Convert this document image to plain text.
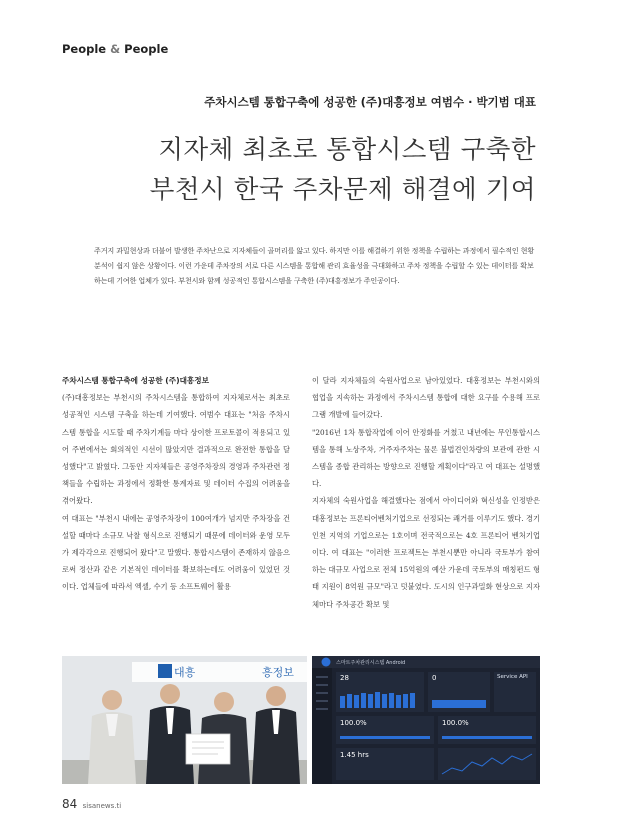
People & People
주차시스템 통합구축에 성공한 (주)대흥정보 여범수 · 박기범 대표
지자체 최초로 통합시스템 구축한
부천시 한국 주차문제 해결에 기여
주거지 과밀현상과 더불어 발생한 주차난으로 지자체들이 골머리를 앓고 있다. 하지만 이를 해결하기 위한 정책을 수립하는 과정에서 필수적인 현황분석이 쉽지 않은 상황이다. 이런 가운데 주차장의 서로 다른 시스템을 통합해 관리 효율성을 극대화하고 주차 정책을 수립할 수 있는 데이터를 확보하는데 기여한 업체가 있다. 부천시와 함께 성공적인 통합시스템을 구축한 (주)대흥정보가 주인공이다.
주차시스템 통합구축에 성공한 (주)대흥정보

(주)대흥정보는 부천시의 주차시스템을 통합하여 지자체로서는 최초로 성공적인 시스템 구축을 하는데 기여했다. 여범수 대표는 "처음 주차시스템 통합을 시도할 때 주차기계들 마다 상이한 프로토콜이 적용되고 있어 주변에서는 회의적인 시선이 많았지만 결과적으로 완전한 통합을 달성했다"고 밝혔다. 그동안 지자체들은 공영주차장의 경영과 주차관련 정책들을 수립하는 과정에서 정확한 통계자료 및 데이터 수집의 어려움을 겪어왔다.

여 대표는 "부천시 내에는 공영주차장이 100여개가 넘지만 주차장을 건설할 때마다 소규모 낙찰 형식으로 진행되기 때문에 데이터와 운영 모두가 제각각으로 진행되어 왔다"고 말했다. 통합시스템이 존재하지 않음으로써 정산과 같은 기본적인 데이터를 확보하는데도 어려움이 있었던 것이다. 업체들에 따라서 엑셀, 수기 등 소프트웨어 활용

이 달라 지자체들의 숙원사업으로 남아있었다. 대흥정보는 부천시와의 협업을 지속하는 과정에서 주차시스템 통합에 대한 요구를 수용해 프로그램 개발에 들어갔다.

"2016년 1차 통합작업에 이어 안정화를 거쳤고 내년에는 무인통합시스템을 통해 노상주차, 거주자주차는 물론 불법견인차량의 보관에 관한 시스템을 종합 관리하는 방향으로 진행할 계획이다"라고 여 대표는 설명했다.

지자체의 숙원사업을 해결했다는 점에서 아이디어와 혁신성을 인정받은 대흥정보는 프론티어벤처기업으로 선정되는 쾌거를 이루기도 했다. 경기인천 지역의 기업으로는 1호이며 전국적으로는 4호 프론티어 벤처기업이다. 여 대표는 "이러한 프로젝트는 부천시뿐만 아니라 국토부가 참여하는 대규모 사업으로 전체 15억원의 예산 가운데 국토부의 매칭펀드 형태 지원이 8억원 규모"라고 덧붙였다. 도시의 인구과밀화 현상으로 지자체마다 주차공간 확보 및

대흥	흥정보
스마트주차관리시스템 Android
28	0	Service API
100.0%	100.0%
1.45 hrs
84 sisanews.ti
